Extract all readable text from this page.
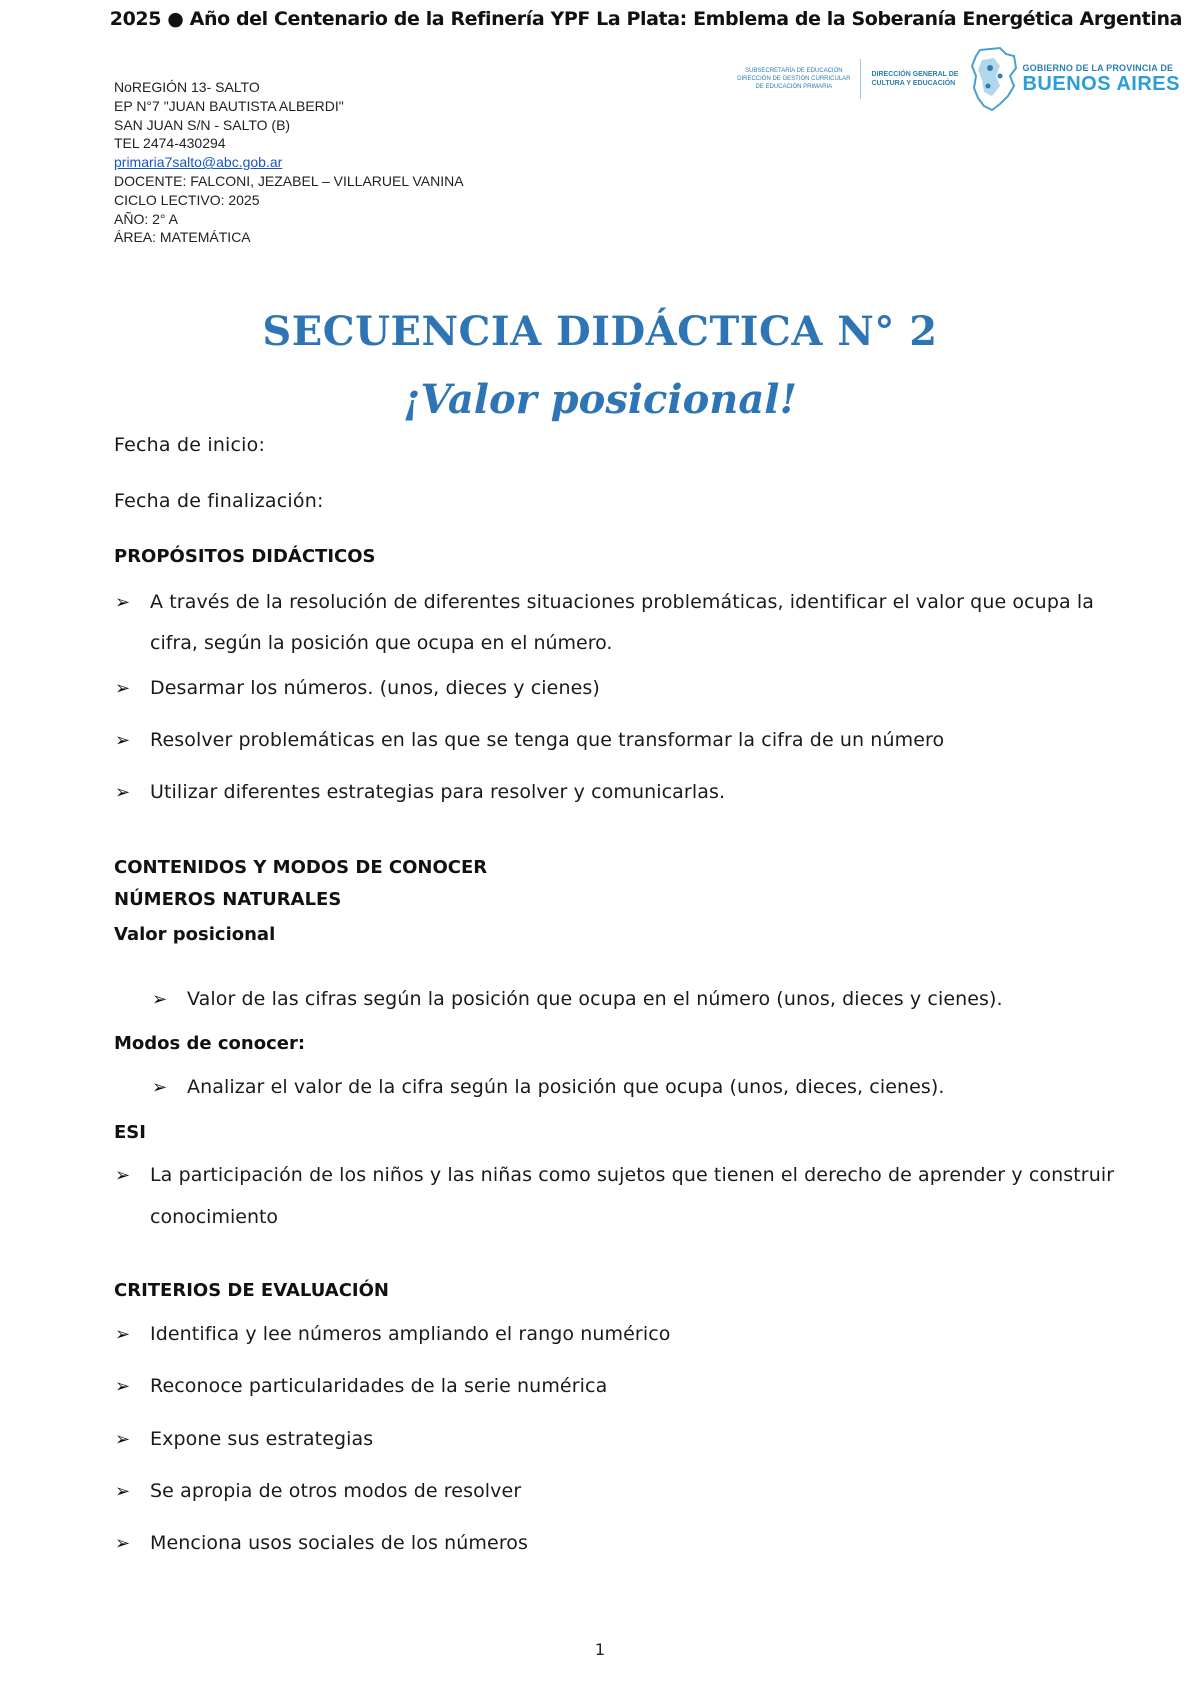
2025 ● Año del Centenario de la Refinería YPF La Plata: Emblema de la Soberanía Energética Argentina
NoREGIÓN 13- SALTO
EP N°7 "JUAN BAUTISTA ALBERDI"
SAN JUAN S/N - SALTO (B)
TEL 2474-430294
primaria7salto@abc.gob.ar
DOCENTE: FALCONI, JEZABEL – VILLARUEL VANINA
CICLO LECTIVO: 2025
AÑO: 2° A
ÁREA: MATEMÁTICA
SUBSECRETARÍA DE EDUCACIÓN
DIRECCIÓN DE GESTIÓN CURRICULAR
DE EDUCACIÓN PRIMARIA
DIRECCIÓN GENERAL DE
CULTURA Y EDUCACIÓN
GOBIERNO DE LA PROVINCIA DE
BUENOS AIRES
SECUENCIA DIDÁCTICA N° 2
¡Valor posicional!
Fecha de inicio:
Fecha de finalización:
PROPÓSITOS DIDÁCTICOS
➢ A través de la resolución de diferentes situaciones problemáticas, identificar el valor que ocupa la
cifra, según la posición que ocupa en el número.
➢ Desarmar los números. (unos, dieces y cienes)
➢ Resolver problemáticas en las que se tenga que transformar la cifra de un número
➢ Utilizar diferentes estrategias para resolver y comunicarlas.
CONTENIDOS Y MODOS DE CONOCER
NÚMEROS NATURALES
Valor posicional
➢ Valor de las cifras según la posición que ocupa en el número (unos, dieces y cienes).
Modos de conocer:
➢ Analizar el valor de la cifra según la posición que ocupa (unos, dieces, cienes).
ESI
➢ La participación de los niños y las niñas como sujetos que tienen el derecho de aprender y construir
conocimiento
CRITERIOS DE EVALUACIÓN
➢ Identifica y lee números ampliando el rango numérico
➢ Reconoce particularidades de la serie numérica
➢ Expone sus estrategias
➢ Se apropia de otros modos de resolver
➢ Menciona usos sociales de los números
1
